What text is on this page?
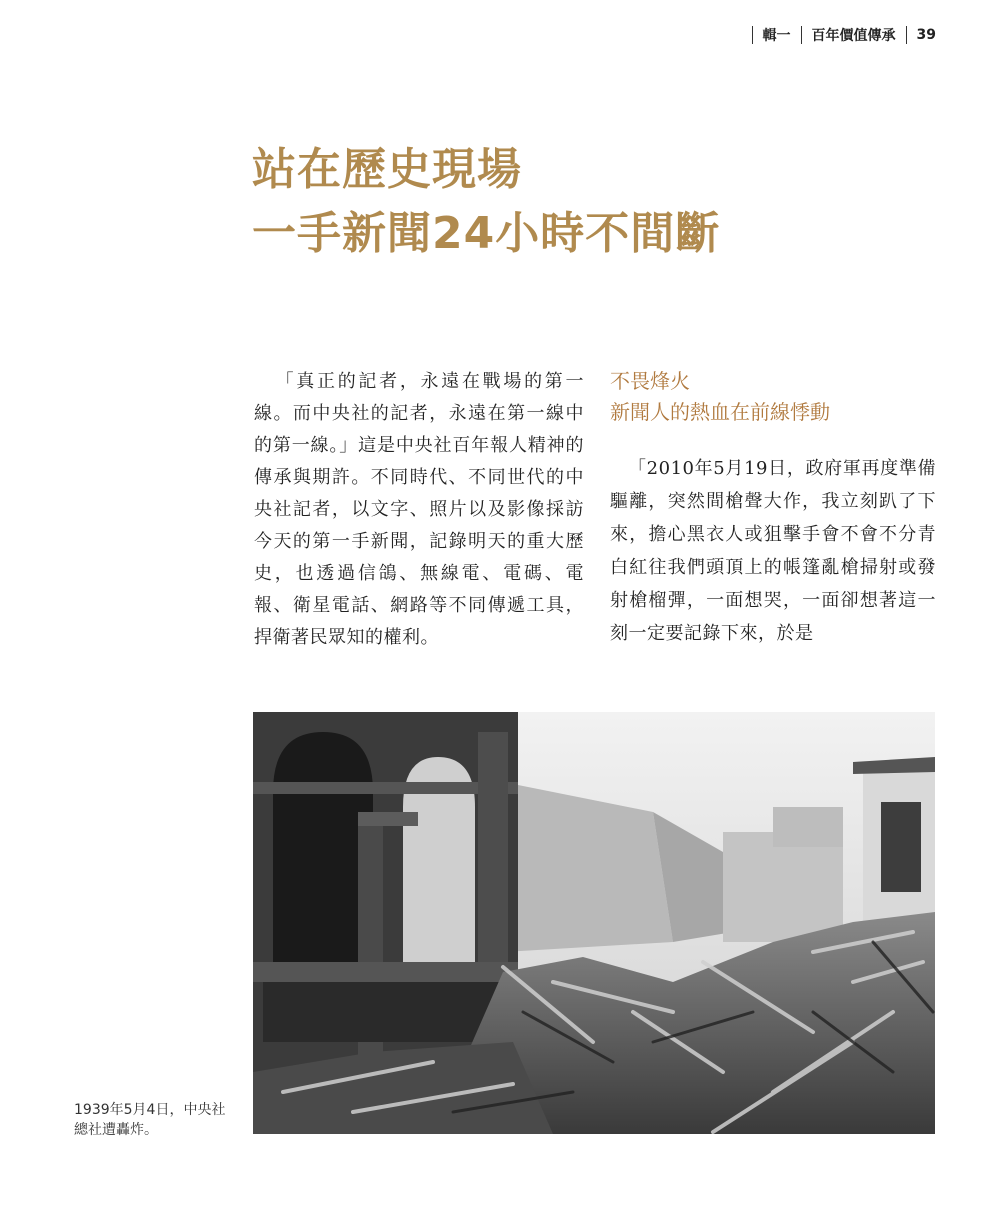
輯一 百年價值傳承 39
站在歷史現場
一手新聞24小時不間斷

「真正的記者，永遠在戰場的第一線。而中央社的記者，永遠在第一線中的第一線。」這是中央社百年報人精神的傳承與期許。不同時代、不同世代的中央社記者，以文字、照片以及影像採訪今天的第一手新聞，記錄明天的重大歷史，也透過信鴿、無線電、電碼、電報、衛星電話、網路等不同傳遞工具，捍衛著民眾知的權利。

不畏烽火
新聞人的熱血在前線悸動

「2010年5月19日，政府軍再度準備驅離，突然間槍聲大作，我立刻趴了下來，擔心黑衣人或狙擊手會不會不分青白紅往我們頭頂上的帳篷亂槍掃射或發射槍榴彈，一面想哭，一面卻想著這一刻一定要記錄下來，於是

1939年5月4日，中央社總社遭轟炸。
